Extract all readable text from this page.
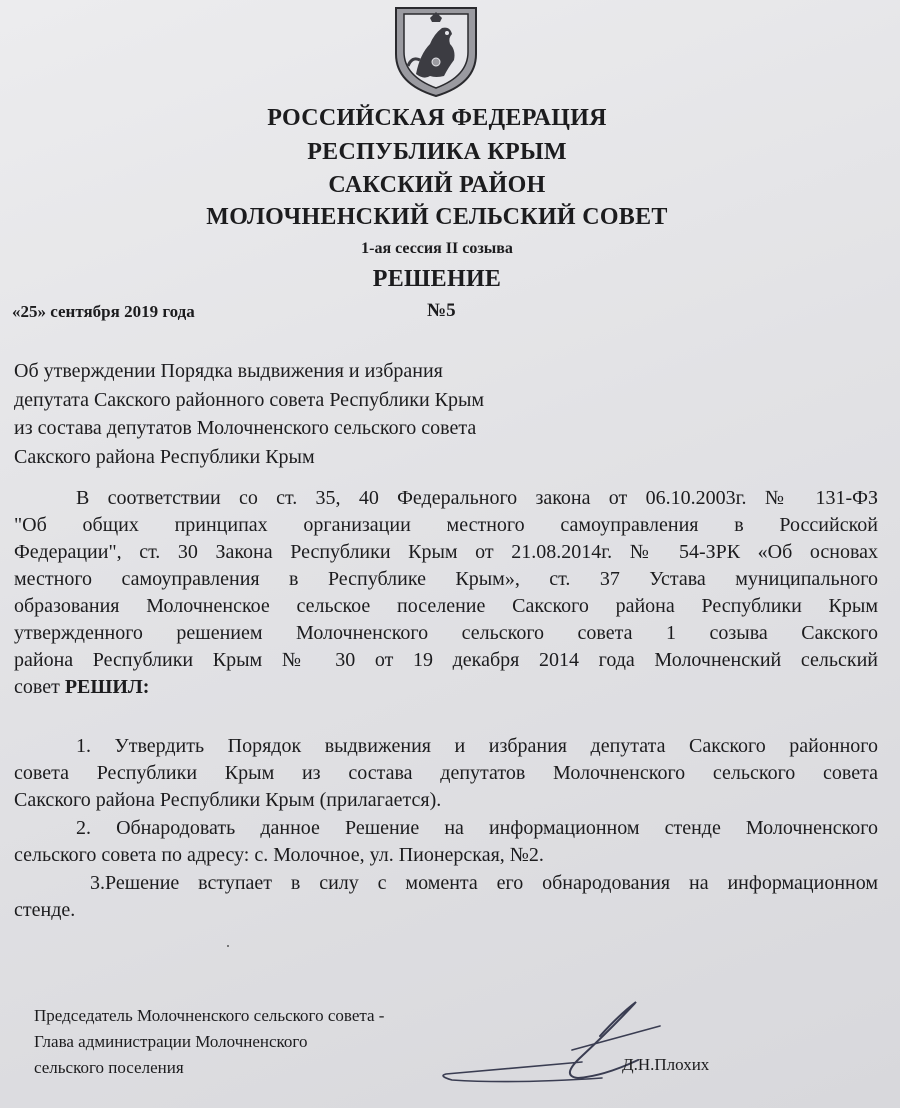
РОССИЙСКАЯ ФЕДЕРАЦИЯ
РЕСПУБЛИКА КРЫМ
САКСКИЙ РАЙОН
МОЛОЧНЕНСКИЙ СЕЛЬСКИЙ СОВЕТ
1-ая сессия II созыва
РЕШЕНИЕ
«25» сентября 2019 года	№5
Об утверждении Порядка выдвижения и избрания
депутата Сакского районного совета Республики Крым
из состава депутатов Молочненского сельского совета
Сакского района Республики Крым
В соответствии со ст. 35, 40 Федерального закона от 06.10.2003г. № 131-ФЗ
"Об общих принципах организации местного самоуправления в Российской
Федерации", ст. 30 Закона Республики Крым от 21.08.2014г. № 54-ЗРК «Об основах
местного самоуправления в Республике Крым», ст. 37 Устава муниципального
образования Молочненское сельское поселение Сакского района Республики Крым
утвержденного решением Молочненского сельского совета 1 созыва Сакского
района Республики Крым № 30 от 19 декабря 2014 года Молочненский сельский
совет РЕШИЛ:
1. Утвердить Порядок выдвижения и избрания депутата Сакского районного
совета Республики Крым из состава депутатов Молочненского сельского совета
Сакского района Республики Крым (прилагается).
2. Обнародовать данное Решение на информационном стенде Молочненского
сельского совета по адресу: с. Молочное, ул. Пионерская, №2.
3.Решение вступает в силу с момента его обнародования на информационном
стенде.
Председатель Молочненского сельского совета -
Глава администрации Молочненского
сельского поселения	Д.Н.Плохих
